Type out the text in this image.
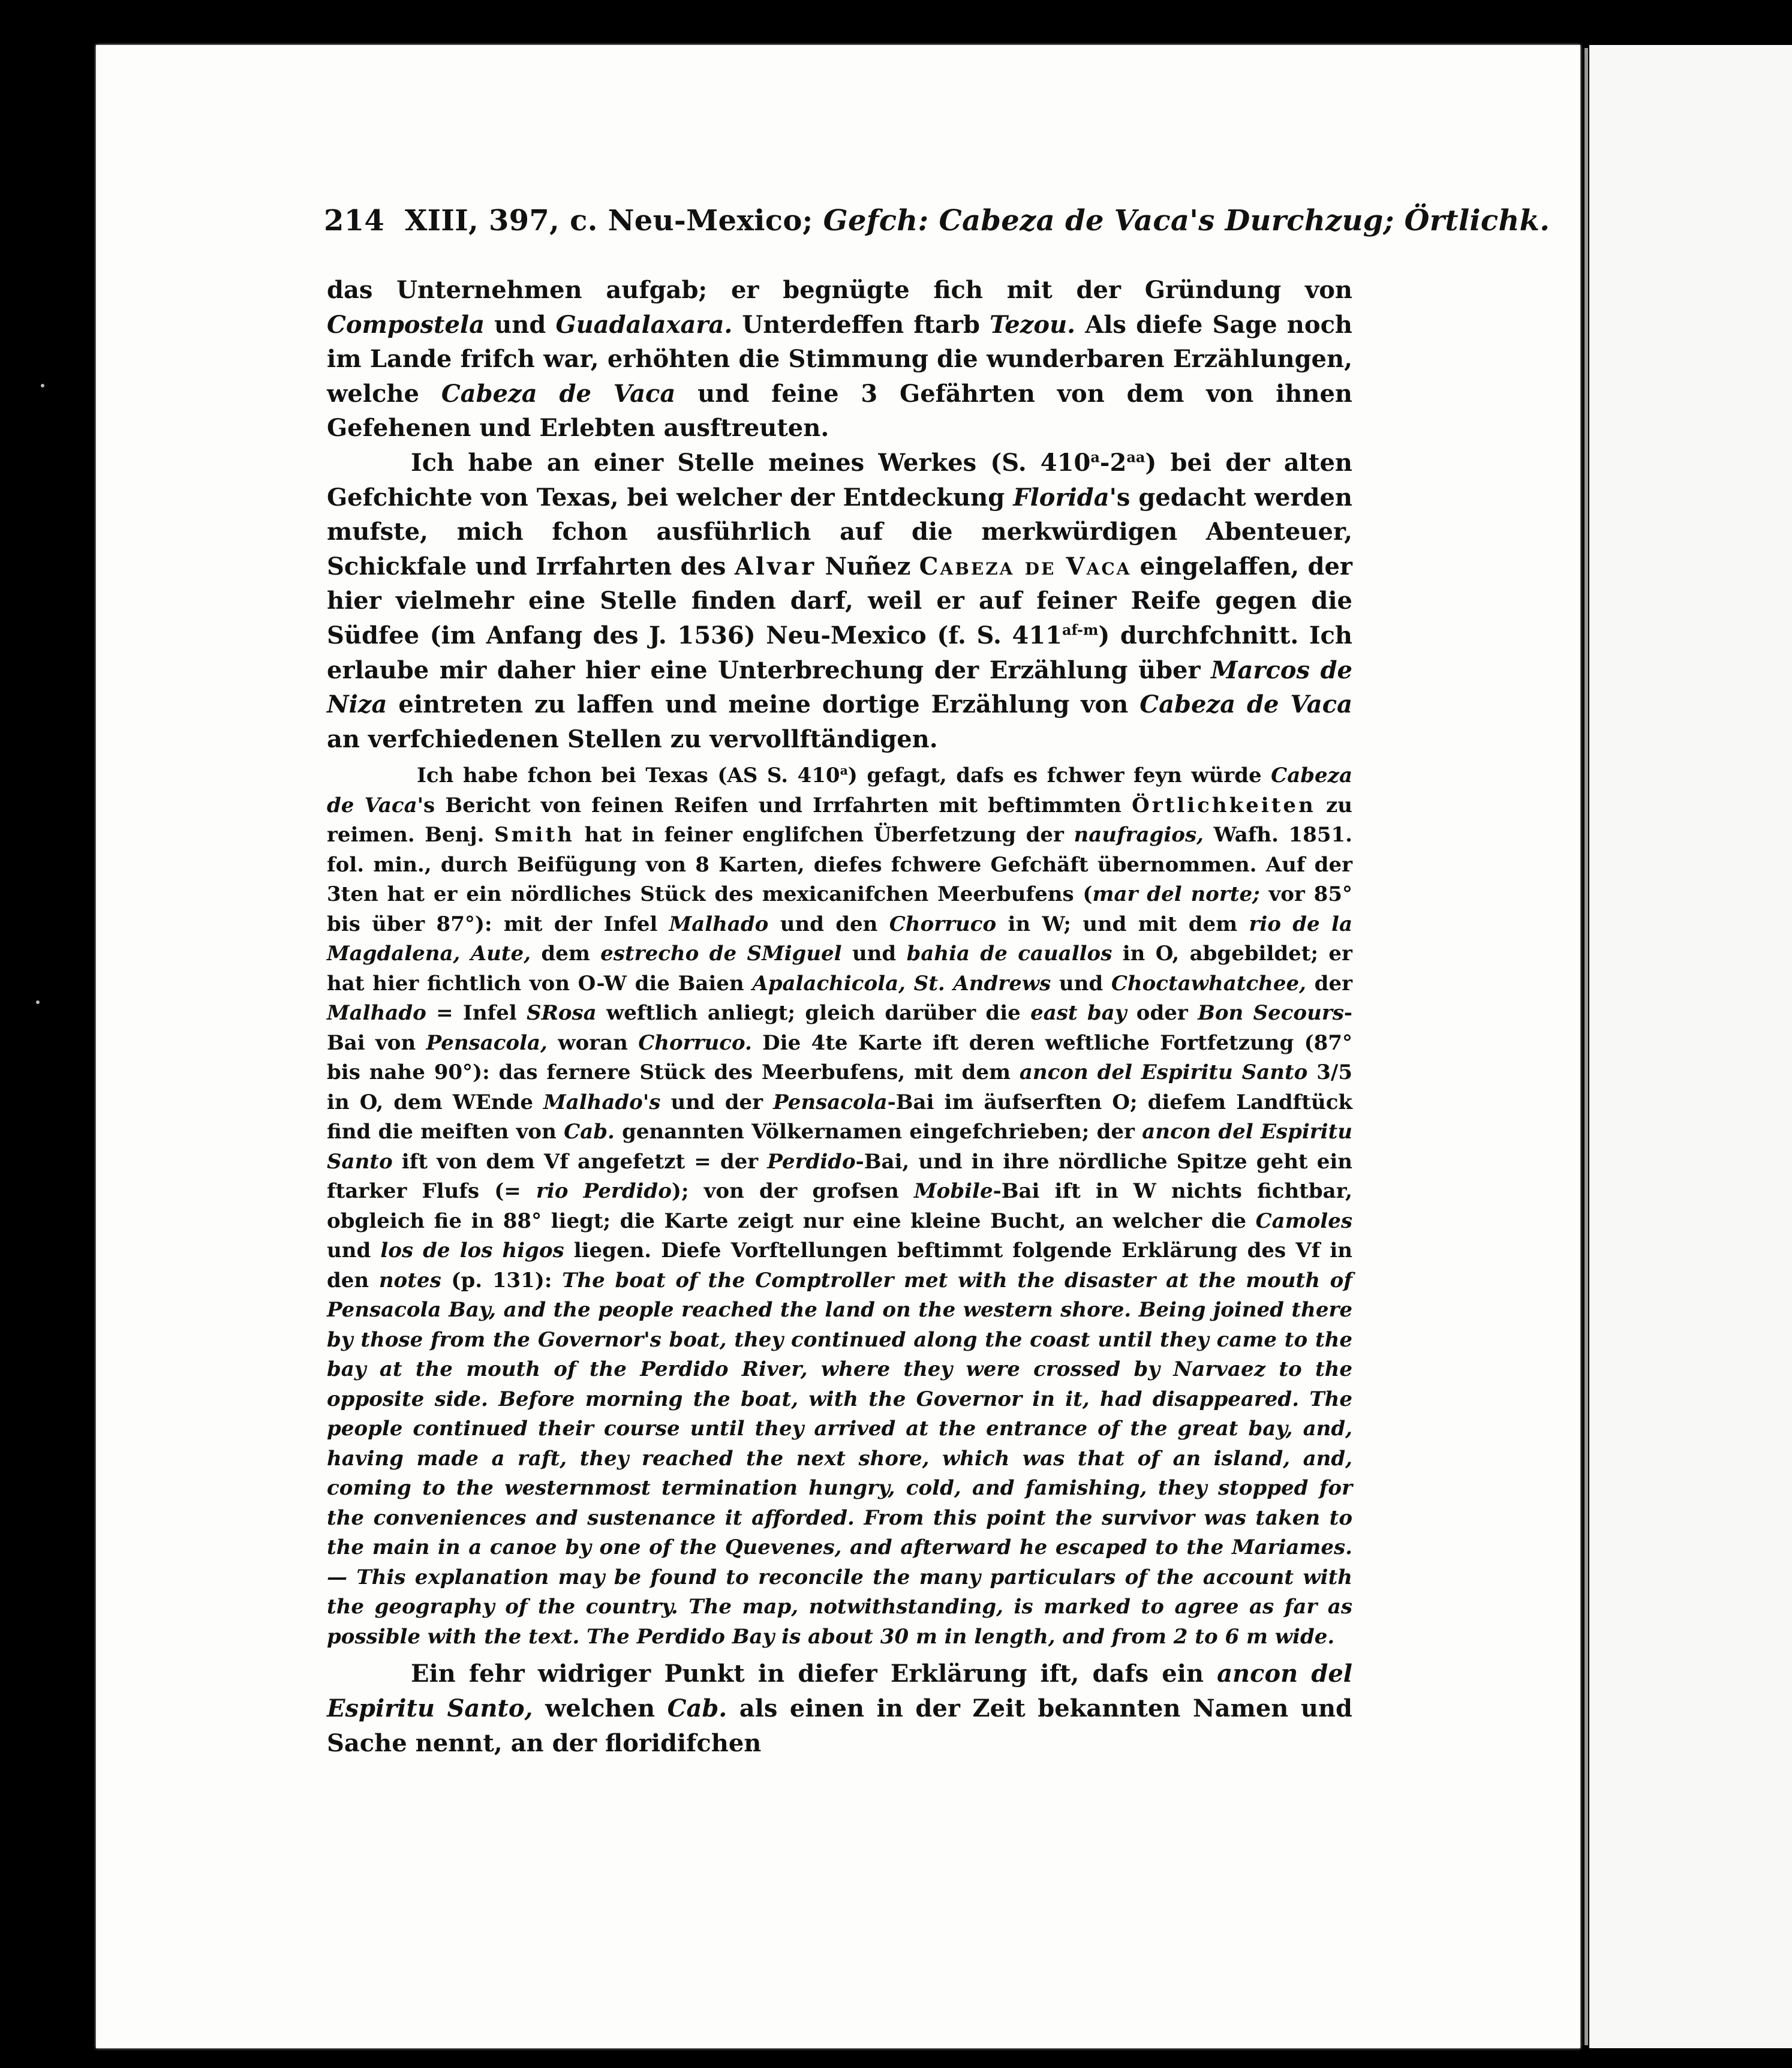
214 XIII, 397, c. Neu-Mexico; Gefch: Cabeza de Vaca's Durchzug; Örtlichk.

das Unternehmen aufgab; er begnügte fich mit der Gründung von Compostela und Guadalaxara. Unterdeffen ftarb Tezou. Als diefe Sage noch im Lande frifch war, erhöhten die Stimmung die wunderbaren Erzählungen, welche Cabeza de Vaca und feine 3 Gefährten von dem von ihnen Gefehenen und Erlebten ausftreuten.

Ich habe an einer Stelle meines Werkes (S. $410^a-2^{aa}$) bei der alten Gefchichte von Texas, bei welcher der Entdeckung Florida's gedacht werden mufste, mich fchon ausführlich auf die merkwürdigen Abenteuer, Schickfale und Irrfahrten des Alvar Nuñez Cabeza de Vaca eingelaffen, der hier vielmehr eine Stelle finden darf, weil er auf feiner Reife gegen die Südfee (im Anfang des J. 1536) Neu-Mexico (f. S. $411^{af-m}$) durchfchnitt. Ich erlaube mir daher hier eine Unterbrechung der Erzählung über Marcos de Niza eintreten zu laffen und meine dortige Erzählung von Cabeza de Vaca an verfchiedenen Stellen zu vervollftändigen.

Ich habe fchon bei Texas (AS S. 410$^a$) gefagt, dafs es fchwer feyn würde Cabeza de Vaca's Bericht von feinen Reifen und Irrfahrten mit beftimmten Örtlichkeiten zu reimen. Benj. Smith hat in feiner englifchen Überfetzung der naufragios, Wafh. 1851. fol. min., durch Beifügung von 8 Karten, diefes fchwere Gefchäft übernommen. Auf der 3ten hat er ein nördliches Stück des mexicanifchen Meerbufens (mar del norte; vor 85° bis über 87°): mit der Infel Malhado und den Chorruco in W; und mit dem rio de la Magdalena, Aute, dem estrecho de SMiguel und bahia de cauallos in O, abgebildet; er hat hier fichtlich von O-W die Baien Apalachicola, St. Andrews und Choctawhatchee, der Malhado = Infel SRosa weftlich anliegt; gleich darüber die east bay oder Bon Secours-Bai von Pensacola, woran Chorruco. Die 4te Karte ift deren weftliche Fortfetzung (87° bis nahe 90°): das fernere Stück des Meerbufens, mit dem ancon del Espiritu Santo 3/5 in O, dem WEnde Malhado's und der Pensacola-Bai im äufserften O; diefem Landftück find die meiften von Cab. genannten Völkernamen eingefchrieben; der ancon del Espiritu Santo ift von dem Vf angefetzt = der Perdido-Bai, und in ihre nördliche Spitze geht ein ftarker Flufs (= rio Perdido); von der grofsen Mobile-Bai ift in W nichts fichtbar, obgleich fie in 88° liegt; die Karte zeigt nur eine kleine Bucht, an welcher die Camoles und los de los higos liegen. Diefe Vorftellungen beftimmt folgende Erklärung des Vf in den notes (p. 131): The boat of the Comptroller met with the disaster at the mouth of Pensacola Bay, and the people reached the land on the western shore. Being joined there by those from the Governor's boat, they continued along the coast until they came to the bay at the mouth of the Perdido River, where they were crossed by Narvaez to the opposite side. Before morning the boat, with the Governor in it, had disappeared. The people continued their course until they arrived at the entrance of the great bay, and, having made a raft, they reached the next shore, which was that of an island, and, coming to the westernmost termination hungry, cold, and famishing, they stopped for the conveniences and sustenance it afforded. From this point the survivor was taken to the main in a canoe by one of the Quevenes, and afterward he escaped to the Mariames. — This explanation may be found to reconcile the many particulars of the account with the geography of the country. The map, notwithstanding, is marked to agree as far as possible with the text. The Perdido Bay is about 30 m in length, and from 2 to 6 m wide.

Ein fehr widriger Punkt in diefer Erklärung ift, dafs ein ancon del Espiritu Santo, welchen Cab. als einen in der Zeit bekannten Namen und Sache nennt, an der floridifchen
